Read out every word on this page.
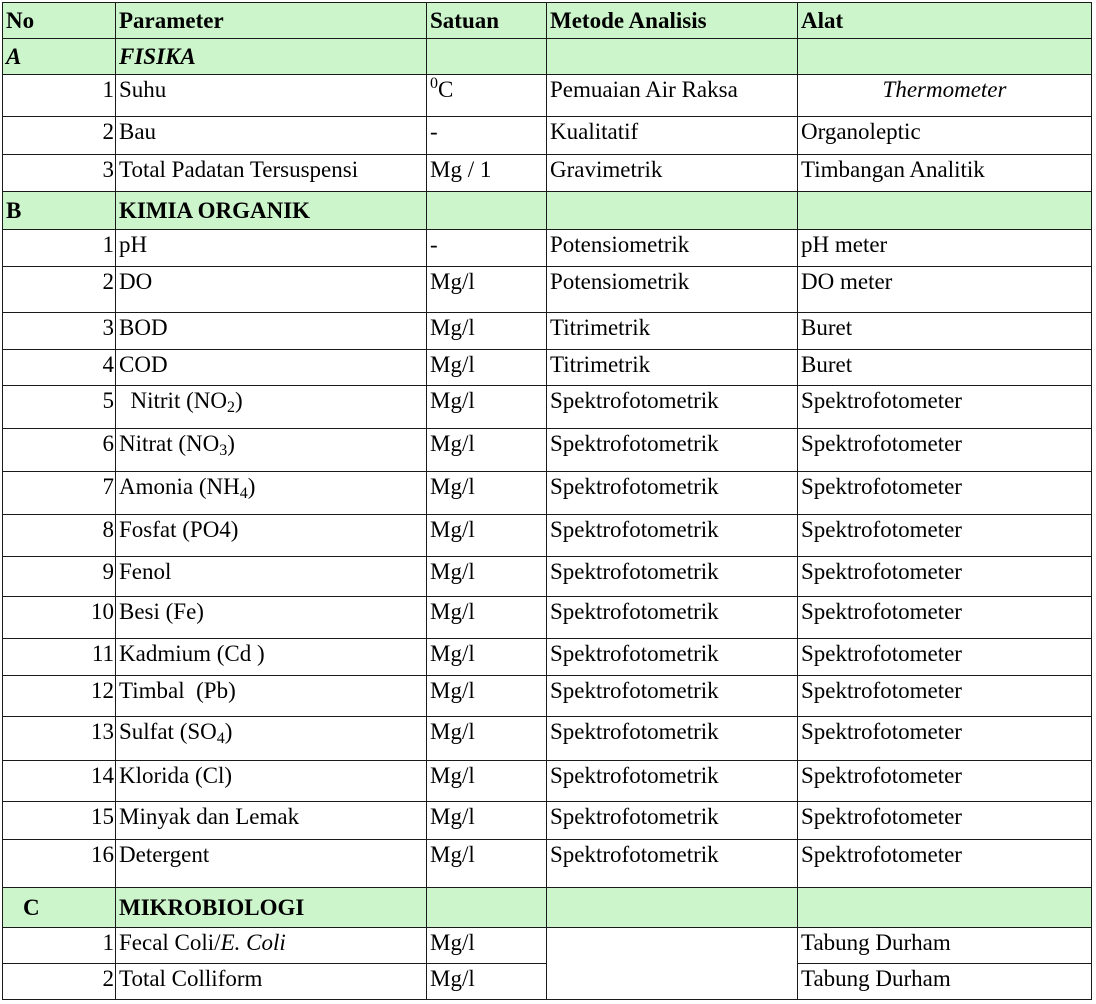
No	Parameter	Satuan	Metode Analisis	Alat
A	FISIKA			
1	Suhu	$^0$C	Pemuaian Air Raksa	Thermometer
2	Bau	-	Kualitatif	Organoleptic
3	Total Padatan Tersuspensi	Mg / 1	Gravimetrik	Timbangan Analitik
B	KIMIA ORGANIK			
1	pH	-	Potensiometrik	pH meter
2	DO	Mg/l	Potensiometrik	DO meter
3	BOD	Mg/l	Titrimetrik	Buret
4	COD	Mg/l	Titrimetrik	Buret
5	Nitrit $(NO_2)$	Mg/l	Spektrofotometrik	Spektrofotometer
6	Nitrat $(NO_3)$	Mg/l	Spektrofotometrik	Spektrofotometer
7	Amonia $(NH_4)$	Mg/l	Spektrofotometrik	Spektrofotometer
8	Fosfat (PO4)	Mg/l	Spektrofotometrik	Spektrofotometer
9	Fenol	Mg/l	Spektrofotometrik	Spektrofotometer
10	Besi (Fe)	Mg/l	Spektrofotometrik	Spektrofotometer
11	Kadmium (Cd )	Mg/l	Spektrofotometrik	Spektrofotometer
12	Timbal  (Pb)	Mg/l	Spektrofotometrik	Spektrofotometer
13	Sulfat $(SO_4)$	Mg/l	Spektrofotometrik	Spektrofotometer
14	Klorida (Cl)	Mg/l	Spektrofotometrik	Spektrofotometer
15	Minyak dan Lemak	Mg/l	Spektrofotometrik	Spektrofotometer
16	Detergent	Mg/l	Spektrofotometrik	Spektrofotometer
C	MIKROBIOLOGI			
1	Fecal Coli/E. Coli	Mg/l		Tabung Durham
2	Total Colliform	Mg/l		Tabung Durham
